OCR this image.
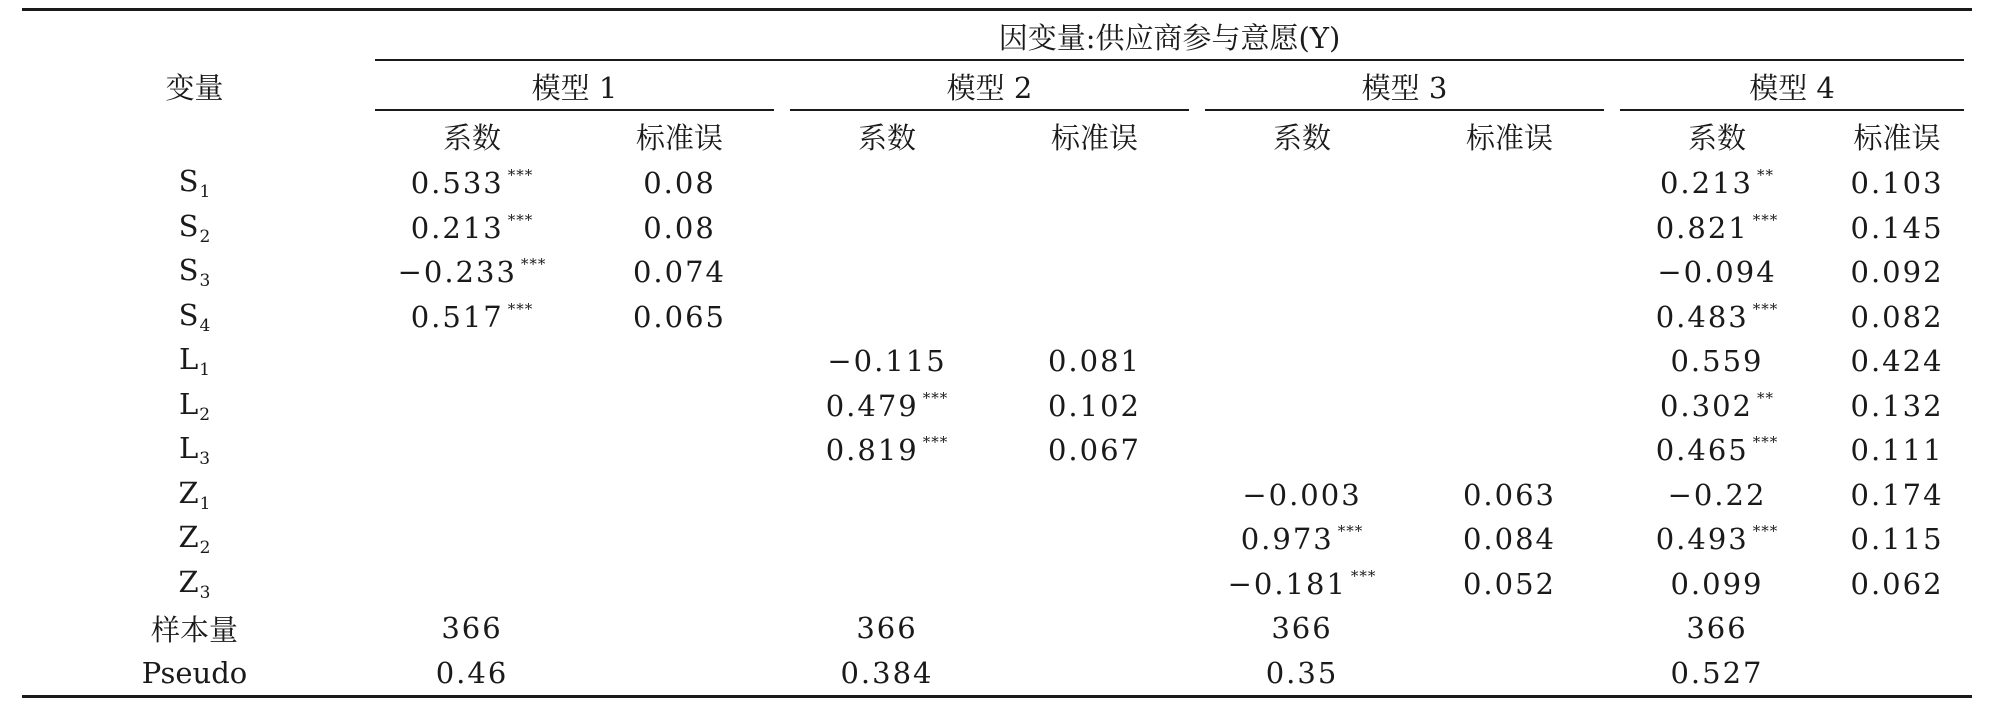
变量	因变量:供应商参与意愿(Y)							
	模型 1		模型 2		模型 3		模型 4	
	系数	标准误	系数	标准误	系数	标准误	系数	标准误
$S_1$	0.533 ***	0.08					0.213 **	0.103
$S_2$	0.213 ***	0.08					0.821 ***	0.145
$S_3$	−0.233 ***	0.074					−0.094	0.092
$S_4$	0.517 ***	0.065					0.483 ***	0.082
$L_1$			−0.115	0.081			0.559	0.424
$L_2$			0.479 ***	0.102			0.302 **	0.132
$L_3$			0.819 ***	0.067			0.465 ***	0.111
$Z_1$					−0.003	0.063	−0.22	0.174
$Z_2$					0.973 ***	0.084	0.493 ***	0.115
$Z_3$					−0.181 ***	0.052	0.099	0.062
样本量	366		366		366		366	
Pseudo	0.46		0.384		0.35		0.527	
